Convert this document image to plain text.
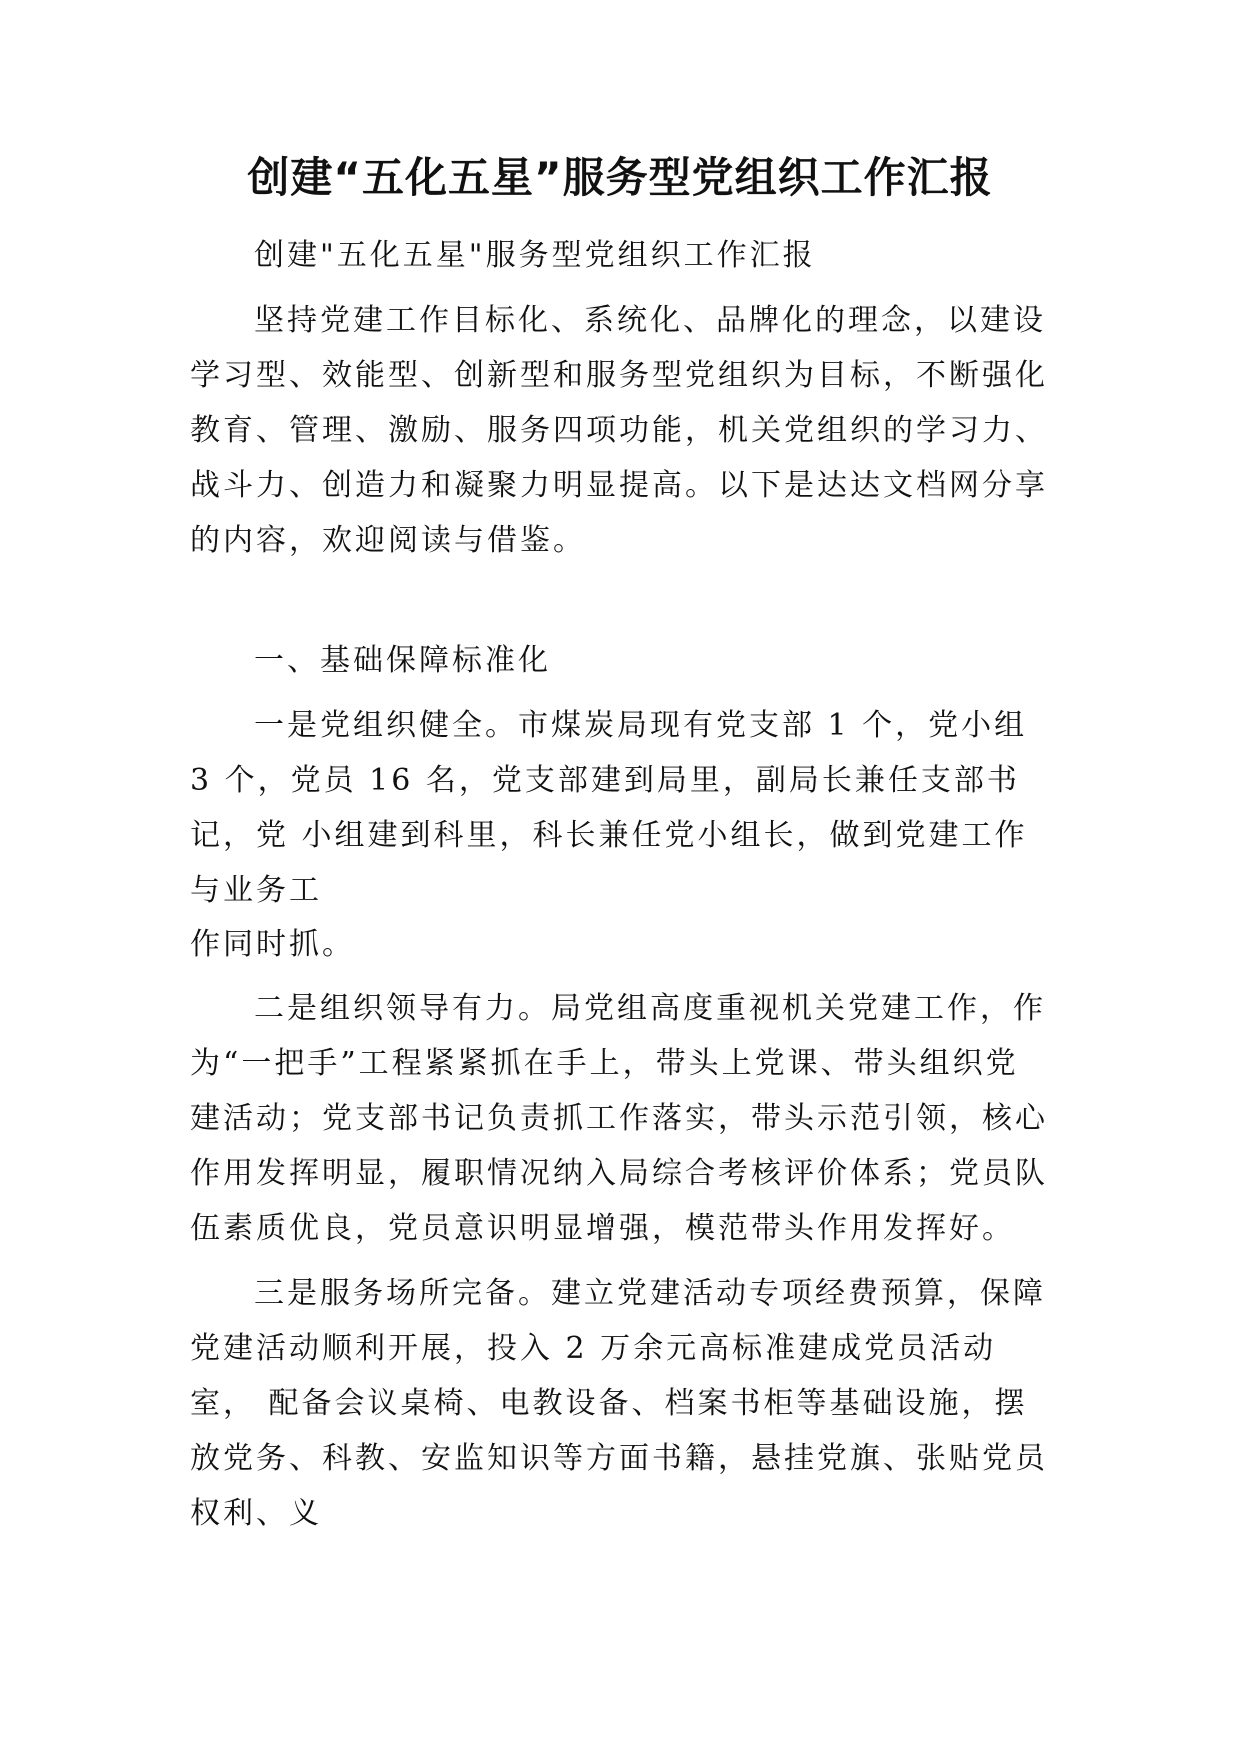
创建“五化五星”服务型党组织工作汇报

创建"五化五星"服务型党组织工作汇报

坚持党建工作目标化、系统化、品牌化的理念，以建设学习型、效能型、创新型和服务型党组织为目标，不断强化教育、管理、激励、服务四项功能，机关党组织的学习力、战斗力、创造力和凝聚力明显提高。以下是达达文档网分享的内容，欢迎阅读与借鉴。

一、基础保障标准化

一是党组织健全。市煤炭局现有党支部 1 个，党小组 3 个，党员 16 名，党支部建到局里，副局长兼任支部书记，党 小组建到科里，科长兼任党小组长，做到党建工作与业务工

作同时抓。

二是组织领导有力。局党组高度重视机关党建工作，作为“一把手”工程紧紧抓在手上，带头上党课、带头组织党建活动；党支部书记负责抓工作落实，带头示范引领，核心作用发挥明显，履职情况纳入局综合考核评价体系；党员队伍素质优良，党员意识明显增强，模范带头作用发挥好。

三是服务场所完备。建立党建活动专项经费预算，保障党建活动顺利开展，投入 2 万余元高标准建成党员活动室， 配备会议桌椅、电教设备、档案书柜等基础设施，摆放党务、科教、安监知识等方面书籍，悬挂党旗、张贴党员权利、义
